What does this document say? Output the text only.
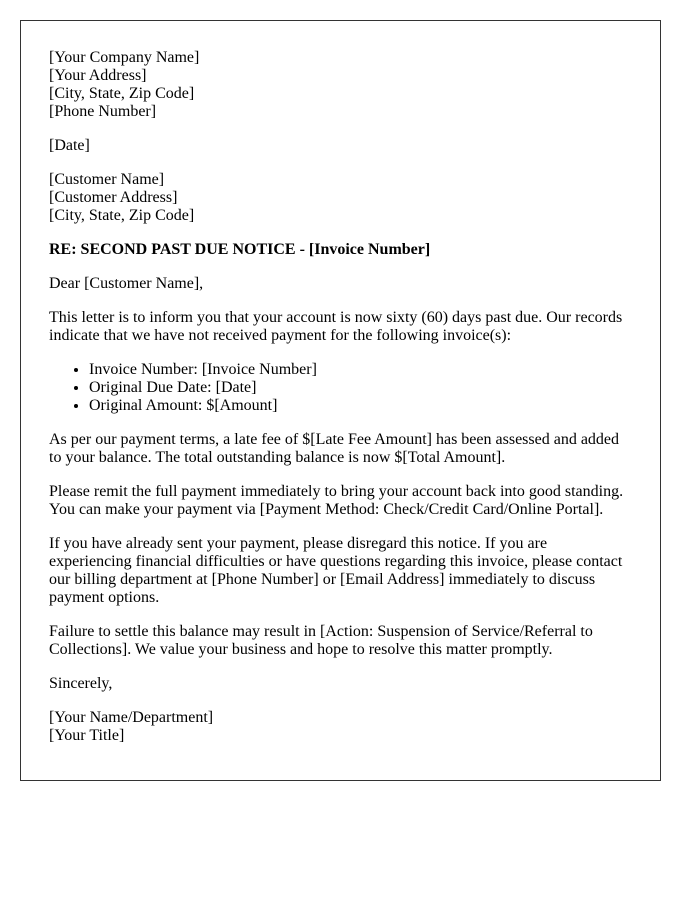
[Your Company Name]
[Your Address]
[City, State, Zip Code]
[Phone Number]

[Date]

[Customer Name]
[Customer Address]
[City, State, Zip Code]

RE: SECOND PAST DUE NOTICE - [Invoice Number]

Dear [Customer Name],

This letter is to inform you that your account is now sixty (60) days past due. Our records indicate that we have not received payment for the following invoice(s):

• Invoice Number: [Invoice Number]
• Original Due Date: [Date]
• Original Amount: $[Amount]

As per our payment terms, a late fee of $[Late Fee Amount] has been assessed and added to your balance. The total outstanding balance is now $[Total Amount].

Please remit the full payment immediately to bring your account back into good standing. You can make your payment via [Payment Method: Check/Credit Card/Online Portal].

If you have already sent your payment, please disregard this notice. If you are experiencing financial difficulties or have questions regarding this invoice, please contact our billing department at [Phone Number] or [Email Address] immediately to discuss payment options.

Failure to settle this balance may result in [Action: Suspension of Service/Referral to Collections]. We value your business and hope to resolve this matter promptly.

Sincerely,

[Your Name/Department]
[Your Title]
